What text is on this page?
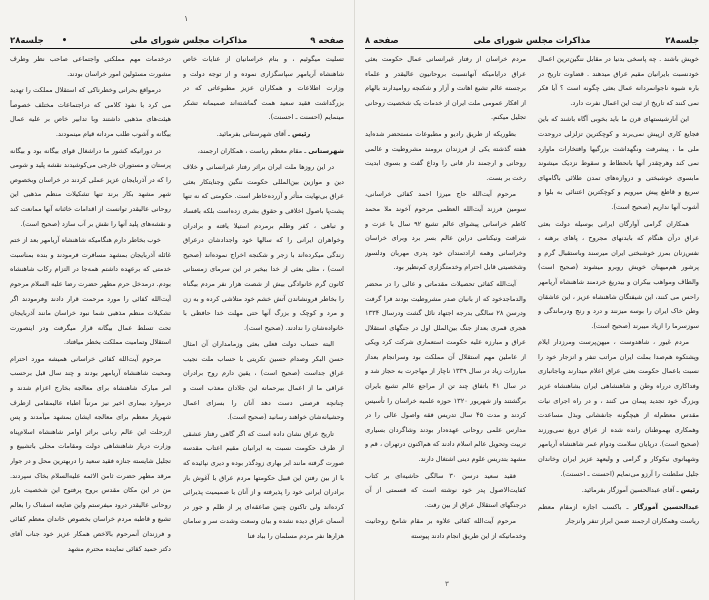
١
صفحه ۹
مذاکرات مجلس شورای ملی
•
جلسه۲۸

تسلیت میگوئیم ، و بنام خراسانیان از عنایات خاص شاهنشاه آریامهر سپاسگزاری نموده و از توجه دولت و وزارت اطلاعات و همکاران عزیز مطبوعاتی که در بزرگداشت فقید سعید همت گماشته‌اند صمیمانه تشکر مینمایم (احسنت ـ احسنت).

رئیس ـ آقای شهرستانی بفرمائید.

شهرستانی ـ مقام معظم ریاست ، همکاران ارجمند،

در این روزها ملت ایران براثر رفتار غیرانسانی و خلاف دین و موازین بین‌المللی حکومت ننگین وجنایتکار بعثی عراق بی‌نهایت متأثر و آزرده‌خاطر است. حکومتی که نه تنها پشت‌پا باصول اخلاقی و حقوق بشری زده‌است بلکه بافساد و تباهی ، کفر وظلم برمردم استیلا یافته و برادران وخواهران ایرانی را که سالها خود واجدادشان درعراق زندگی میکرده‌اند با زجر و شکنجه اخراج نموده‌اند (صحیح است) ، مثلی بعثی از خدا بیخبر در این سرمای زمستانی کانون گرم خانوادگی بیش از شصت هزار نفر مردم بیگناه را بخاطر فرونشاندن آتش خشم خود متلاشی کرده و به زن و مرد و کوچک و بزرگ آنها حتی مهلت خدا حافظی با خانواده‌شان را ندادند. (صحیح است).

البته حساب دولت فعلی بعثی وزمامداران آن امثال حسن البکر وصدام حسین تکریتی با حساب ملت نجیب عراق جداست (صحیح است) ، یقین دارم روح برادران عراقی ما از اعمال بیرحمانه این جلادان معذب است و چنانچه فرصتی دست دهد آنان را بسزای اعمال وحشیانه‌شان خواهند رسانید (صحیح است).

تاریخ عراق نشان داده است که اگر گاهی رفتار عشقی از طرف حکومت نسبت به ایرانیان مقیم اعتاب مقدسه صورت گرفته مانند ابر بهاری زودگذر بوده و دیری نپائیده که با از بین رفتن این قبیل حکومتها مردم عراق با آغوش باز برادران ایرانی خود را پذیرفته و از آنان با صمیمیت پذیرائی کرده‌اند ولی تاکنون چنین صاعقه‌ای پر از ظلم و جور در آسمان عراق دیده نشده و بیان وسعت وشدت سر و سامان هزارها نفر مردم مسلمان را بباد فنا

درخدمات مهم مملکتی واجتماعی صاحب نظر وطرف مشورت مسئولین امور خراسان بودند.

درمواقع بحرانی وخطرناکی که استقلال مملکت را تهدید می کرد با نفوذ کلامی که دراجتماعات مختلف خصوصاً هیئت‌های مذهبی داشتند وبا تدابیر خاص بر علیه عمال بیگانه و آشوب طلب مردانه قیام مینمودند.

در دورانیکه کشور ما دراشغال قوای بیگانه بود و بیگانه پرستان و مستوران خارجی می‌کوشیدند نقشه پلید و شومی را که در آذربایجان عزیز عملی کردند در خراسان وبخصوص شهر مشهد بکار برند تنها تشکیلات منظم مذهبی این روحانی عالیقدر توانست از اقدامات خائنانه آنها ممانعت کند و نقشه‌های پلید آنها را نقش بر آب سازد (صحیح است).

خوب بخاطر دارم هنگامیکه شاهنشاه آریامهر بعد از ختم غائله آذربایجان بمشهد مسافرت فرمودند و بنده بمناسبت خدمتی که برعهده داشتم همه‌جا در التزام رکاب شاهنشاه بودم. درمدخل حرم مطهر حضرت رضا علیه السلام مرحوم آیت‌الله کفائی را مورد مرحمت قرار دادند وفرمودند اگر تشکیلات منظم مذهبی شما نبود خراسان مانند آذربایجان تحت تسلط عمال بیگانه قرار میگرفت ودر اینصورت استقلال وتمامیت مملکت بخطر میافتاد.

مرحوم آیت‌الله کفائی خراسانی همیشه مورد احترام ومحبت شاهنشاه آریامهر بودند و چند سال قبل برحسب امر مبارک شاهنشاه برای معالجه بخارج اعزام شدند و درموارد بیماری اخیر نیز مرتباً اطباء عالیمقامی ازطرف شهریار معظم برای معالجه ایشان بمشهد میآمدند و پس ازرحلت این عالم ربانی براثر اوامر شاهنشاه اسلام‌پناه وزارت دربار شاهنشاهی دولت ومقامات محلی باتشییع و تجلیل شایسته جنازه فقید سعید را دربهترین محل و در جوار مرقد مطهر حضرت ثامن الائمه علیه‌السلام بخاک سپردند. من در این مکان مقدس بروح پرفتوح این شخصیت بارز روحانی عالیقدر درود میفرستم واین ضایعه اسفناک را بعالم تشیع و قاطبه مردم خراسان بخصوص خاندان معظم کفائی و فرزندان آنمرحوم بالاخص همکار عزیز خود جناب آقای دکتر حمید کفائی نماینده محترم مشهد

جلسه۲۸
مذاکرات مجلس شورای ملی
صفحه ۸

مردم خراسان از رفتار غیرانسانی عمال حکومت بعثی عراق درایامیکه آنهانسبت بروحانیون عالیقدر و علماء برجسته عالم تشیع اهانت و آزار و شکنجه روامیدارند بالهام از افکار عمومی ملت ایران از خدمات یک شخصیت روحانی تجلیل میکنم.

بطوریکه از طریق رادیو و مطبوعات مستحضر شده‌اید هفته گذشته یکی از فرزندان برومند مشروطیت و عالمی روحانی و ارجمند دار فانی را وداع گفت و بسوی ابدیت رخت بر بست.

مرحوم آیت‌الله حاج میرزا احمد کفائی خراسانی، سومین فرزند آیت‌الله العظمی مرحوم آخوند ملا محمد کاظم خراسانی پیشوای عالم تشیع ۹۲ سال با عزت و شرافت ونیکنامی دراین عالم بسر برد وبرای خراسان وخراسانی وهمه ارادتمندان خود پدری مهربان ودلسوز وشخصیتی قابل احترام وخدمتگزاری کم‌نظیر بود.

آیت‌الله کفائی تحصیلات مقدماتی و عالی را در محضر والدماجدخود که از بانیان صدر مشروطیت بودند فرا گرفت ودرسن ۲۸ سالگی بدرجه اجتهاد نائل گشت ودرسال ۱۳۳۴ هجری قمری بعداز جنگ بین‌الملل اول در جنگهای استقلال عراق و مبارزه علیه حکومت استعماری شرکت کرد ویکی از عاملین مهم استقلال آن مملکت بود وسرانجام بعداز مبارزات زیاد در سال ۱۳۳۹ ناچار از مهاجرت به حجاز شد و در سال ۴۱ باتفاق چند تن از مراجع عالم تشیع بایران برگشتند واز شهریور ۱۳۲۰ حوزه علمیه خراسان را تأسیس کردند و مدت ۴۵ سال تدریس فقه واصول عالی را در مدارس علمی روحانی عهده‌دار بودند وشاگردان بسیاری تربیت وتحویل عالم اسلام دادند که هم‌اکنون درتهران ، قم و مشهد بتدریس علوم دینی اشتغال دارند.

فقید سعید درسن ۳۰ سالگی حاشیه‌ای بر کتاب کفایت‌الاصول پدر خود نوشته است که قسمتی از آن درجنگهای استقلال عراق از بین رفت.

مرحوم آیت‌الله کفائی علاوه بر مقام شامخ روحانیت وخدماتیکه از این طریق انجام دادند پیوسته

خویش باشند . چه پاسخی بدنیا در مقابل ننگین‌ترین اعمال خودنسبت بایرانیان مقیم عراق میدهند . قضاوت تاریخ در باره شیوه ناجوانمردانه عمال بعثی چگونه است ؟ آیا فکر نمی کنند که تاریخ از ثبت این اعمال نفرت دارد.

این آنارشیستهای قرن ما باید بخوبی آگاه باشند که باین فجایع کاری ازپیش نمی‌برند و کوچکترین تزلزلی دروحدت ملی ما ، پیشرفت ونگهداشت بزرگیها وافتخارات ماوارد نمی کند وهرچقدر آنها بانحطاط و سقوط نزدیک میشوند مابسوی خوشبختی و دروازه‌های تمدن طلائی باگامهای سریع و قاطع پیش میرویم و کوچکترین اعتنائی به بلوا و آشوب آنها نداریم (صحیح است).

همکاران گرامی آوارگان ایرانی بوسیله دولت بعثی عراق درآن هنگام که بابدنهای مجروح ، پاهای برهنه ، نفس‌زنان بمرز خوشبختی ایران میرسند وباستقبال گرم و پرشور هم‌میهنان خویش روبرو میشوند (صحیح است) والطاف ومواهب بیکران و بیدریغ خردمند شاهنشاه آریامهر راحس می کنند، این شیفتگان شاهنشاه عزیز ، این عاشقان وطن خاک ایران را بوسه میزنند و درد و رنج ودرماندگی و سوزسرما را ازیاد میبرند (صحیح است).

مردم غیور ، شاهدوست ، میهن‌پرست ومرزدار ایلام وپشتکوه هم‌صدا بملت ایران مراتب تنفر و انزجار خود را نسبت باعمال حکومت بعثی عراق اعلام میدارند وباجانبازی وفداکاری درراه وطن و شاهنشاهی ایران بشاهنشاه عزیز وبزرگ خود تجدید پیمان می کنند ، و در راه اجرای نیات مقدس معظم‌له از هیچگونه جانفشانی وبذل مساعدت وهمکاری بهموطنان رانده شده از عراق دریغ نمی‌ورزند (صحیح است). درپایان سلامت ودوام عمر شاهنشاه آریامهر وشهبانوی نیکوکار و گرامی و ولیعهد عزیز ایران وخاندان جلیل سلطنت را آرزو می‌نمایم (احسنت ـ احسنت).

رئیس ـ آقای عبدالحسین آموزگار بفرمائید.

عبدالحسین آموزگار ـ باکسب اجازه ازمقام معظم ریاست وهمکاران ارجمند ضمن ابراز تنفر وانزجار

۳
